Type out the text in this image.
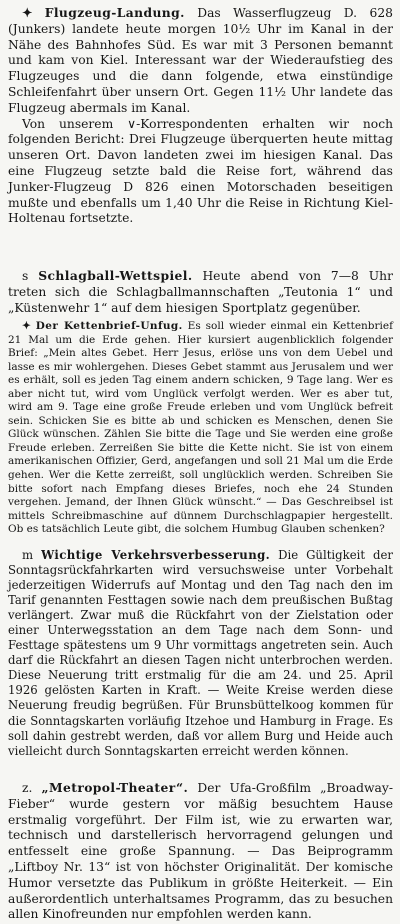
✦ Flugzeug-Landung. Das Wasserflugzeug D. 628 (Junkers) landete heute morgen 10½ Uhr im Kanal in der Nähe des Bahnhofes Süd. Es war mit 3 Personen bemannt und kam von Kiel. Interessant war der Wiederaufstieg des Flugzeuges und die dann folgende, etwa einstündige Schleifenfahrt über unsern Ort. Gegen 11½ Uhr landete das Flugzeug abermals im Kanal.

Von unserem ∨-Korrespondenten erhalten wir noch folgenden Bericht: Drei Flugzeuge überquerten heute mittag unseren Ort. Davon landeten zwei im hiesigen Kanal. Das eine Flugzeug setzte bald die Reise fort, während das Junker-Flugzeug D 826 einen Motorschaden beseitigen mußte und ebenfalls um 1,40 Uhr die Reise in Richtung Kiel-Holtenau fortsetzte.

s Schlagball-Wettspiel. Heute abend von 7—8 Uhr treten sich die Schlagballmannschaften „Teutonia 1“ und „Küstenwehr 1“ auf dem hiesigen Sportplatz gegenüber.

✦ Der Kettenbrief-Unfug. Es soll wieder einmal ein Kettenbrief 21 Mal um die Erde gehen. Hier kursiert augenblicklich folgender Brief: „Mein altes Gebet. Herr Jesus, erlöse uns von dem Uebel und lasse es mir wohlergehen. Dieses Gebet stammt aus Jerusalem und wer es erhält, soll es jeden Tag einem andern schicken, 9 Tage lang. Wer es aber nicht tut, wird vom Unglück verfolgt werden. Wer es aber tut, wird am 9. Tage eine große Freude erleben und vom Unglück befreit sein. Schicken Sie es bitte ab und schicken es Menschen, denen Sie Glück wünschen. Zählen Sie bitte die Tage und Sie werden eine große Freude erleben. Zerreißen Sie bitte die Kette nicht. Sie ist von einem amerikanischen Offizier, Gerd, angefangen und soll 21 Mal um die Erde gehen. Wer die Kette zerreißt, soll unglücklich werden. Schreiben Sie bitte sofort nach Empfang dieses Briefes, noch ehe 24 Stunden vergehen. Jemand, der Ihnen Glück wünscht.“ — Das Geschreibsel ist mittels Schreibmaschine auf dünnem Durchschlagpapier hergestellt. Ob es tatsächlich Leute gibt, die solchem Humbug Glauben schenken?

m Wichtige Verkehrsverbesserung. Die Gültigkeit der Sonntagsrückfahrkarten wird versuchsweise unter Vorbehalt jederzeitigen Widerrufs auf Montag und den Tag nach den im Tarif genannten Festtagen sowie nach dem preußischen Bußtag verlängert. Zwar muß die Rückfahrt von der Zielstation oder einer Unterwegsstation an dem Tage nach dem Sonn- und Festtage spätestens um 9 Uhr vormittags angetreten sein. Auch darf die Rückfahrt an diesen Tagen nicht unterbrochen werden. Diese Neuerung tritt erstmalig für die am 24. und 25. April 1926 gelösten Karten in Kraft. — Weite Kreise werden diese Neuerung freudig begrüßen. Für Brunsbüttelkoog kommen für die Sonntagskarten vorläufig Itzehoe und Hamburg in Frage. Es soll dahin gestrebt werden, daß vor allem Burg und Heide auch vielleicht durch Sonntagskarten erreicht werden können.

z. „Metropol-Theater“. Der Ufa-Großfilm „Broadway-Fieber“ wurde gestern vor mäßig besuchtem Hause erstmalig vorgeführt. Der Film ist, wie zu erwarten war, technisch und darstellerisch hervorragend gelungen und entfesselt eine große Spannung. — Das Beiprogramm „Liftboy Nr. 13“ ist von höchster Originalität. Der komische Humor versetzte das Publikum in größte Heiterkeit. — Ein außerordentlich unterhaltsames Programm, das zu besuchen allen Kinofreunden nur empfohlen werden kann.
